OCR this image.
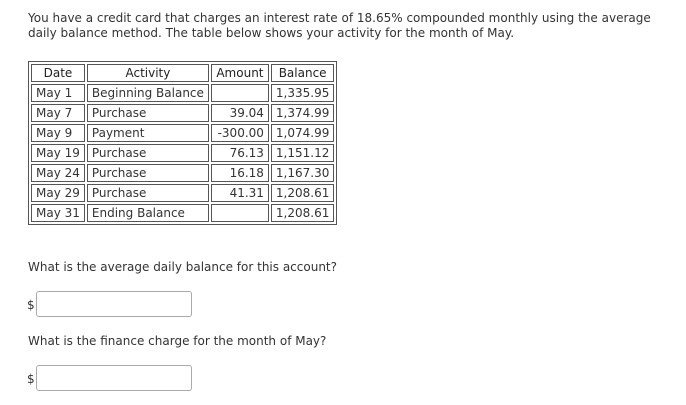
You have a credit card that charges an interest rate of 18.65% compounded monthly using the average daily balance method. The table below shows your activity for the month of May.

Date	Activity	Amount	Balance
May 1	Beginning Balance		1,335.95
May 7	Purchase	39.04	1,374.99
May 9	Payment	-300.00	1,074.99
May 19	Purchase	76.13	1,151.12
May 24	Purchase	16.18	1,167.30
May 29	Purchase	41.31	1,208.61
May 31	Ending Balance		1,208.61

What is the average daily balance for this account?

$

What is the finance charge for the month of May?

$
